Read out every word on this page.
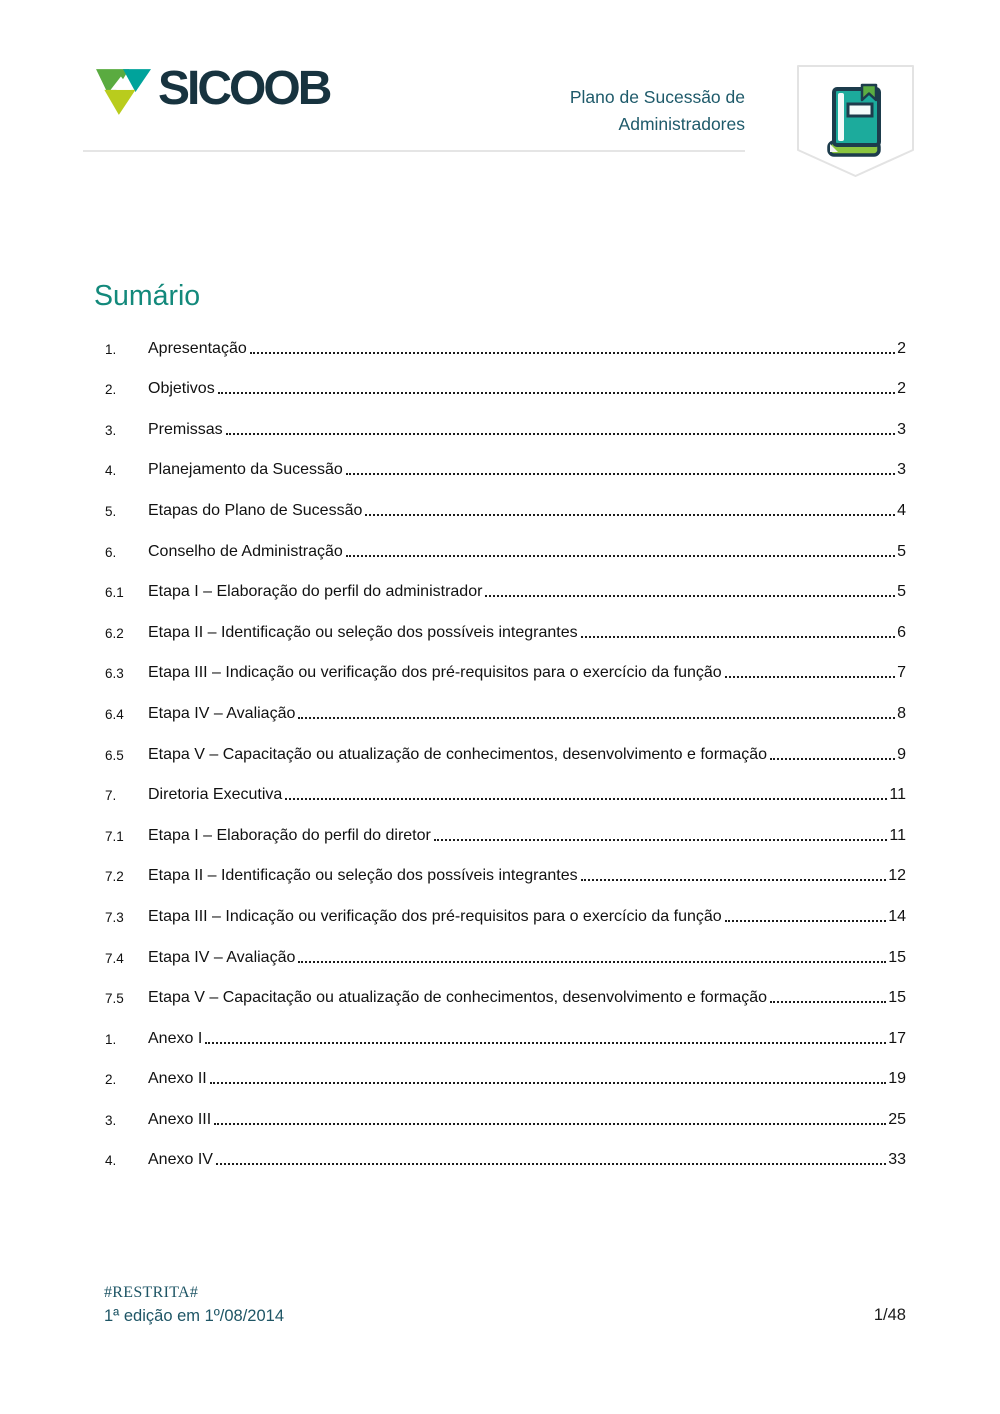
SICOOB	Plano de Sucessão de
Administradores
Sumário
1.	Apresentação	2
2.	Objetivos	2
3.	Premissas	3
4.	Planejamento da Sucessão	3
5.	Etapas do Plano de Sucessão	4
6.	Conselho de Administração	5
6.1	Etapa I – Elaboração do perfil do administrador	5
6.2	Etapa II – Identificação ou seleção dos possíveis integrantes	6
6.3	Etapa III – Indicação ou verificação dos pré-requisitos para o exercício da função	7
6.4	Etapa IV – Avaliação	8
6.5	Etapa V – Capacitação ou atualização de conhecimentos, desenvolvimento e formação	9
7.	Diretoria Executiva	11
7.1	Etapa I – Elaboração do perfil do diretor	11
7.2	Etapa II – Identificação ou seleção dos possíveis integrantes	12
7.3	Etapa III – Indicação ou verificação dos pré-requisitos para o exercício da função	14
7.4	Etapa IV – Avaliação	15
7.5	Etapa V – Capacitação ou atualização de conhecimentos, desenvolvimento e formação	15
1.	Anexo I	17
2.	Anexo II	19
3.	Anexo III	25
4.	Anexo IV	33
#RESTRITA#
1ª edição em 1º/08/2014	1/48
